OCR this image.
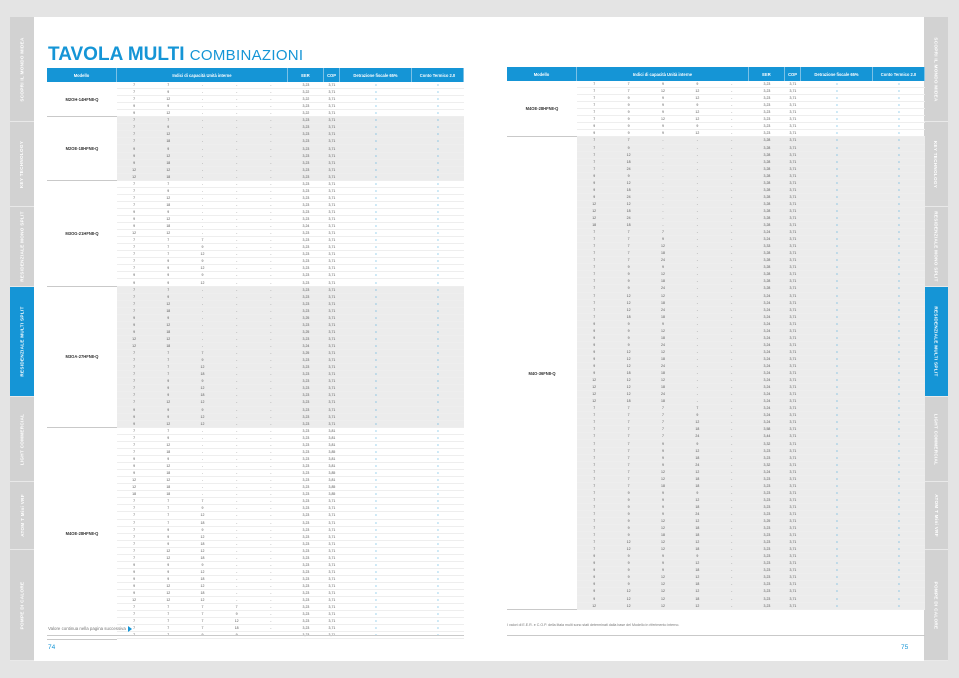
SCOPRI IL MONDO MIDEA
KEY TECHNOLOGY
RESIDENZIALE MONO SPLIT
RESIDENZIALE MULTI SPLIT
LIGHT COMMERCIAL
ATOM T Mini VRF
POMPE DI CALORE
TAVOLA MULTI COMBINAZIONI
Modello	Indici di capacità Unità interne	EER	COP	Detrazione fiscale 65%	Conto Termico 2.0
M2OH-14HFN8-Q
7	7	-	-	-	3,23	3,71	•	•
7	9	-	-	-	3,22	3,71	•	•
7	12	-	-	-	3,22	3,71	•	•
9	9	-	-	-	3,23	3,71	•	•
9	12	-	-	-	3,22	3,71	•	•
M2OE-18HFN8-Q
7	7	-	-	-	3,23	3,71	•	•
7	9	-	-	-	3,23	3,71	•	•
7	12	-	-	-	3,23	3,71	•	•
7	18	-	-	-	3,23	3,71	•	•
9	9	-	-	-	3,23	3,71	•	•
9	12	-	-	-	3,23	3,71	•	•
9	18	-	-	-	3,23	3,71	•	•
12	12	-	-	-	3,23	3,71	•	•
12	18	-	-	-	3,23	3,71	•	•
M3OG-21HFN8-Q
7	7	-	-	-	3,23	3,71	•	•
7	9	-	-	-	3,23	3,71	•	•
7	12	-	-	-	3,23	3,71	•	•
7	18	-	-	-	3,23	3,71	•	•
9	9	-	-	-	3,23	3,71	•	•
9	12	-	-	-	3,23	3,71	•	•
9	18	-	-	-	3,24	3,71	•	•
12	12	-	-	-	3,23	3,71	•	•
7	7	7	-	-	3,23	3,71	•	•
7	7	9	-	-	3,23	3,71	•	•
7	7	12	-	-	3,23	3,71	•	•
7	9	9	-	-	3,23	3,71	•	•
7	9	12	-	-	3,23	3,71	•	•
9	9	9	-	-	3,23	3,71	•	•
9	9	12	-	-	3,23	3,71	•	•
M3OA-27HFN8-Q
7	7	-	-	-	3,23	3,71	•	•
7	9	-	-	-	3,23	3,71	•	•
7	12	-	-	-	3,23	3,71	•	•
7	18	-	-	-	3,23	3,71	•	•
9	9	-	-	-	3,25	3,71	•	•
9	12	-	-	-	3,23	3,71	•	•
9	18	-	-	-	3,25	3,71	•	•
12	12	-	-	-	3,23	3,71	•	•
12	18	-	-	-	3,24	3,71	•	•
7	7	7	-	-	3,25	3,71	•	•
7	7	9	-	-	3,23	3,71	•	•
7	7	12	-	-	3,23	3,71	•	•
7	7	18	-	-	3,23	3,71	•	•
7	9	9	-	-	3,23	3,71	•	•
7	9	12	-	-	3,23	3,71	•	•
7	9	18	-	-	3,23	3,71	•	•
7	12	12	-	-	3,23	3,71	•	•
9	9	9	-	-	3,23	3,71	•	•
9	9	12	-	-	3,23	3,71	•	•
9	12	12	-	-	3,23	3,71	•	•
M4OE-28HFN8-Q
7	7	-	-	-	3,23	3,81	•	•
7	9	-	-	-	3,23	3,81	•	•
7	12	-	-	-	3,23	3,81	•	•
7	18	-	-	-	3,23	3,85	•	•
9	9	-	-	-	3,23	3,81	•	•
9	12	-	-	-	3,23	3,81	•	•
9	18	-	-	-	3,23	3,85	•	•
12	12	-	-	-	3,23	3,81	•	•
12	18	-	-	-	3,23	3,85	•	•
18	18	-	-	-	3,23	3,85	•	•
7	7	7	-	-	3,23	3,71	•	•
7	7	9	-	-	3,23	3,71	•	•
7	7	12	-	-	3,23	3,71	•	•
7	7	18	-	-	3,23	3,71	•	•
7	9	9	-	-	3,23	3,71	•	•
7	9	12	-	-	3,23	3,71	•	•
7	9	18	-	-	3,23	3,71	•	•
7	12	12	-	-	3,23	3,71	•	•
7	12	18	-	-	3,23	3,71	•	•
9	9	9	-	-	3,23	3,71	•	•
9	9	12	-	-	3,23	3,71	•	•
9	9	18	-	-	3,23	3,71	•	•
9	12	12	-	-	3,23	3,71	•	•
9	12	18	-	-	3,23	3,71	•	•
12	12	12	-	-	3,23	3,71	•	•
7	7	7	7	-	3,23	3,71	•	•
7	7	7	9	-	3,23	3,71	•	•
7	7	7	12	-	3,23	3,71	•	•
7	7	7	18	-	3,23	3,71	•	•
Valore continua nella pagina successiva
74
SCOPRI IL MONDO MIDEA
KEY TECHNOLOGY
RESIDENZIALE MONO SPLIT
RESIDENZIALE MULTI SPLIT
LIGHT COMMERCIAL
ATOM T Mini VRF
POMPE DI CALORE
Modello	Indici di capacità Unità interne	EER	COP	Detrazione fiscale 65%	Conto Termico 2.0
M4OE-28HFN8-Q
7	7	9	9	-	3,23	3,71	•	•
7	7	12	12	-	3,23	3,71	•	•
7	9	9	12	-	3,23	3,71	•	•
7	9	9	9	-	3,23	3,71	•	•
7	9	9	12	-	3,23	3,71	•	•
7	9	12	12	-	3,23	3,71	•	•
9	9	9	9	-	3,23	3,71	•	•
9	9	9	12	-	3,23	3,71	•	•
M4O-36FN8-Q
7	7	-	-	-	3,28	3,71	•	•
7	9	-	-	-	3,28	3,71	•	•
7	12	-	-	-	3,28	3,71	•	•
7	18	-	-	-	3,28	3,71	•	•
7	24	-	-	-	3,28	3,71	•	•
9	9	-	-	-	3,28	3,71	•	•
9	12	-	-	-	3,28	3,71	•	•
9	18	-	-	-	3,28	3,71	•	•
9	24	-	-	-	3,28	3,71	•	•
12	12	-	-	-	3,28	3,71	•	•
12	18	-	-	-	3,28	3,71	•	•
12	24	-	-	-	3,28	3,71	•	•
18	18	-	-	-	3,28	3,71	•	•
7	7	7	-	-	3,24	3,71	•	•
7	7	9	-	-	3,24	3,71	•	•
7	7	12	-	-	3,33	3,71	•	•
7	7	18	-	-	3,28	3,71	•	•
7	7	24	-	-	3,28	3,71	•	•
7	9	9	-	-	3,28	3,71	•	•
7	9	12	-	-	3,28	3,71	•	•
7	9	18	-	-	3,28	3,71	•	•
7	9	24	-	-	3,28	3,71	•	•
7	12	12	-	-	3,24	3,71	•	•
7	12	18	-	-	3,24	3,71	•	•
7	12	24	-	-	3,24	3,71	•	•
7	18	18	-	-	3,24	3,71	•	•
9	9	9	-	-	3,24	3,71	•	•
9	9	12	-	-	3,24	3,71	•	•
9	9	18	-	-	3,24	3,71	•	•
9	9	24	-	-	3,24	3,71	•	•
9	12	12	-	-	3,24	3,71	•	•
9	12	18	-	-	3,24	3,71	•	•
9	12	24	-	-	3,24	3,71	•	•
9	18	18	-	-	3,24	3,71	•	•
12	12	12	-	-	3,24	3,71	•	•
12	12	18	-	-	3,24	3,71	•	•
12	12	24	-	-	3,24	3,71	•	•
12	18	18	-	-	3,24	3,71	•	•
7	7	7	7	-	3,24	3,71	•	•
7	7	7	9	-	3,24	3,71	•	•
7	7	7	12	-	3,24	3,71	•	•
7	7	7	18	-	3,58	3,71	•	•
7	7	7	24	-	3,44	3,71	•	•
7	7	9	9	-	3,32	3,71	•	•
7	7	9	12	-	3,23	3,71	•	•
7	7	9	18	-	3,23	3,71	•	•
7	7	9	24	-	3,32	3,71	•	•
7	7	12	12	-	3,24	3,71	•	•
7	7	12	18	-	3,23	3,71	•	•
7	7	18	18	-	3,23	3,71	•	•
7	9	9	9	-	3,23	3,71	•	•
7	9	9	12	-	3,23	3,71	•	•
7	9	9	18	-	3,23	3,71	•	•
7	9	9	24	-	3,23	3,71	•	•
7	9	12	12	-	3,25	3,71	•	•
7	9	12	18	-	3,23	3,71	•	•
7	9	18	18	-	3,23	3,71	•	•
7	12	12	12	-	3,23	3,71	•	•
7	12	12	18	-	3,23	3,71	•	•
9	9	9	9	-	3,23	3,71	•	•
9	9	9	12	-	3,23	3,71	•	•
9	9	9	18	-	3,23	3,71	•	•
9	9	12	12	-	3,23	3,71	•	•
9	9	12	18	-	3,23	3,71	•	•
9	12	12	12	-	3,23	3,71	•	•
9	12	12	18	-	3,23	3,71	•	•
12	12	12	12	-	3,23	3,71	•	•
I valori di E.E.R. e C.O.P. della litala multi sono stati determinati dalla base del Modello in riferimento interno.
75
